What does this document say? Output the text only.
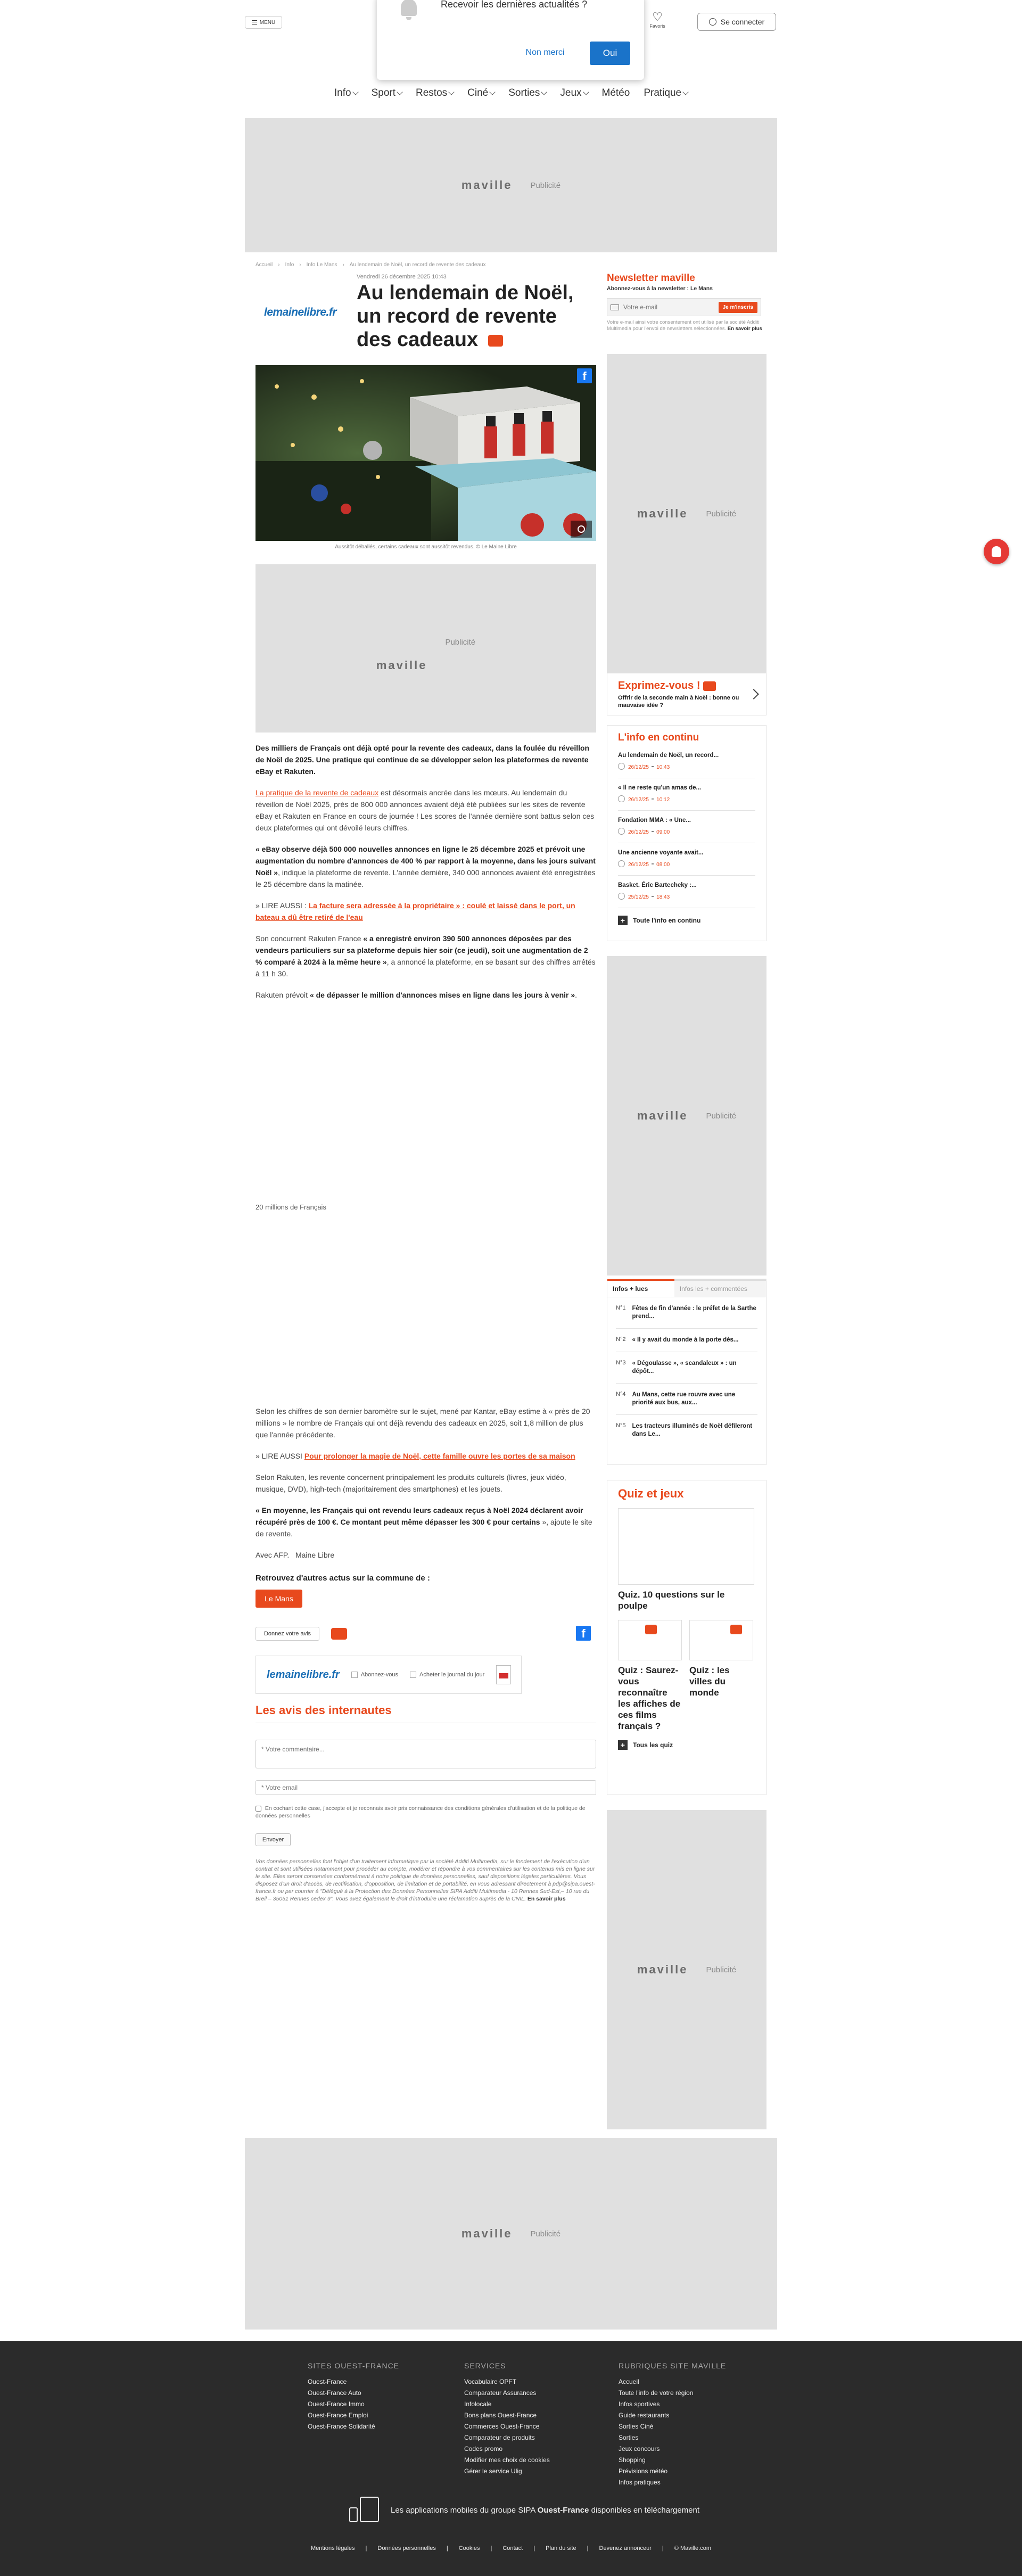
MENU	♡
Favoris	Se connecter
Info Sport Restos Ciné Sorties Jeux Météo Pratique
Recevoir les dernières actualités ?
Non merci	Oui
maville Publicité
Accueil › Info › Info Le Mans › Au lendemain de Noël, un record de revente des cadeaux
Vendredi 26 décembre 2025 10:43
lemainelibre.fr
Au lendemain de Noël, un record de revente des cadeaux
f
Aussitôt déballés, certains cadeaux sont aussitôt revendus. © Le Maine Libre
maville
Publicité

Des milliers de Français ont déjà opté pour la revente des cadeaux, dans la foulée du réveillon de Noël de 2025. Une pratique qui continue de se développer selon les plateformes de revente eBay et Rakuten.

La pratique de la revente de cadeaux est désormais ancrée dans les mœurs. Au lendemain du réveillon de Noël 2025, près de 800 000 annonces avaient déjà été publiées sur les sites de revente eBay et Rakuten en France en cours de journée ! Les scores de l'année dernière sont battus selon ces deux plateformes qui ont dévoilé leurs chiffres.

« eBay observe déjà 500 000 nouvelles annonces en ligne le 25 décembre 2025 et prévoit une augmentation du nombre d'annonces de 400 % par rapport à la moyenne, dans les jours suivant Noël », indique la plateforme de revente. L'année dernière, 340 000 annonces avaient été enregistrées le 25 décembre dans la matinée.

» LIRE AUSSI : La facture sera adressée à la propriétaire » : coulé et laissé dans le port, un bateau a dû être retiré de l'eau

Son concurrent Rakuten France « a enregistré environ 390 500 annonces déposées par des vendeurs particuliers sur sa plateforme depuis hier soir (ce jeudi), soit une augmentation de 2 % comparé à 2024 à la même heure », a annoncé la plateforme, en se basant sur des chiffres arrêtés à 11 h 30.

Rakuten prévoit « de dépasser le million d'annonces mises en ligne dans les jours à venir ».

20 millions de Français

Selon les chiffres de son dernier baromètre sur le sujet, mené par Kantar, eBay estime à « près de 20 millions » le nombre de Français qui ont déjà revendu des cadeaux en 2025, soit 1,8 million de plus que l'année précédente.

» LIRE AUSSI Pour prolonger la magie de Noël, cette famille ouvre les portes de sa maison

Selon Rakuten, les revente concernent principalement les produits culturels (livres, jeux vidéo, musique, DVD), high-tech (majoritairement des smartphones) et les jouets.

« En moyenne, les Français qui ont revendu leurs cadeaux reçus à Noël 2024 déclarent avoir récupéré près de 100 €. Ce montant peut même dépasser les 300 € pour certains », ajoute le site de revente.

Avec AFP.   Maine Libre

Retrouvez d'autres actus sur la commune de :
Le Mans
Donnez votre avis	f
lemainelibre.fr	Abonnez-vous	Acheter le journal du jour
Les avis des internautes
* Votre commentaire...
* Votre email
En cochant cette case, j'accepte et je reconnais avoir pris connaissance des conditions générales d'utilisation et de la politique de données personnelles
Envoyer
Vos données personnelles font l'objet d'un traitement informatique par la société Additi Multimedia, sur le fondement de l'exécution d'un contrat et sont utilisées notamment pour procéder au compte, modérer et répondre à vos commentaires sur les contenus mis en ligne sur le site. Elles seront conservées conformément à notre politique de données personnelles, sauf dispositions légales particulières. Vous disposez d'un droit d'accès, de rectification, d'opposition, de limitation et de portabilité, en vous adressant directement à pdp@sipa.ouest-france.fr ou par courrier à "Délégué à la Protection des Données Personnelles SIPA Additi Multimedia - 10 Rennes Sud-Est,– 10 rue du Breil – 35051 Rennes cedex 9". Vous avez également le droit d'introduire une réclamation auprès de la CNIL. En savoir plus
Newsletter maville
Abonnez-vous à la newsletter : Le Mans
Votre e-mail
Je m'inscris
Votre e-mail ainsi votre consentement ont utilisé par la société Additi Multimedia pour l'envoi de newsletters sélectionnées. En savoir plus
maville Publicité
Exprimez-vous !
Offrir de la seconde main à Noël : bonne ou mauvaise idée ?
L'info en continu
Au lendemain de Noël, un record...
26/12/25 - 10:43
« Il ne reste qu'un amas de...
26/12/25 - 10:12
Fondation MMA : « Une...
26/12/25 - 09:00
Une ancienne voyante avait...
26/12/25 - 08:00
Basket. Éric Bartecheky :...
25/12/25 - 18:43
+	Toute l'info en continu
maville Publicité
Infos + lues	Infos les + commentées
N°1 Fêtes de fin d'année : le préfet de la Sarthe prend...
N°2 « Il y avait du monde à la porte dès...
N°3 « Dégoulasse », « scandaleux » : un dépôt...
N°4 Au Mans, cette rue rouvre avec une priorité aux bus, aux...
N°5 Les tracteurs illuminés de Noël défileront dans Le...
Quiz et jeux
Quiz. 10 questions sur le poulpe
Quiz : Saurez-vous reconnaître les affiches de ces films français ?
Quiz : les villes du monde
+	Tous les quiz
maville Publicité
maville Publicité
SITES OUEST-FRANCE
Ouest-France
Ouest-France Auto
Ouest-France Immo
Ouest-France Emploi
Ouest-France Solidarité
SERVICES
Vocabulaire OPFT
Comparateur Assurances
Infolocale
Bons plans Ouest-France
Commerces Ouest-France
Comparateur de produits
Codes promo
Modifier mes choix de cookies
Gérer le service Ulig
RUBRIQUES SITE MAVILLE
Accueil
Toute l'info de votre région
Infos sportives
Guide restaurants
Sorties Ciné
Sorties
Jeux concours
Shopping
Prévisions météo
Infos pratiques
Les applications mobiles du groupe SIPA Ouest-France disponibles en téléchargement
Mentions légales | Données personnelles | Cookies | Contact | Plan du site | Devenez annonceur | © Maville.com
